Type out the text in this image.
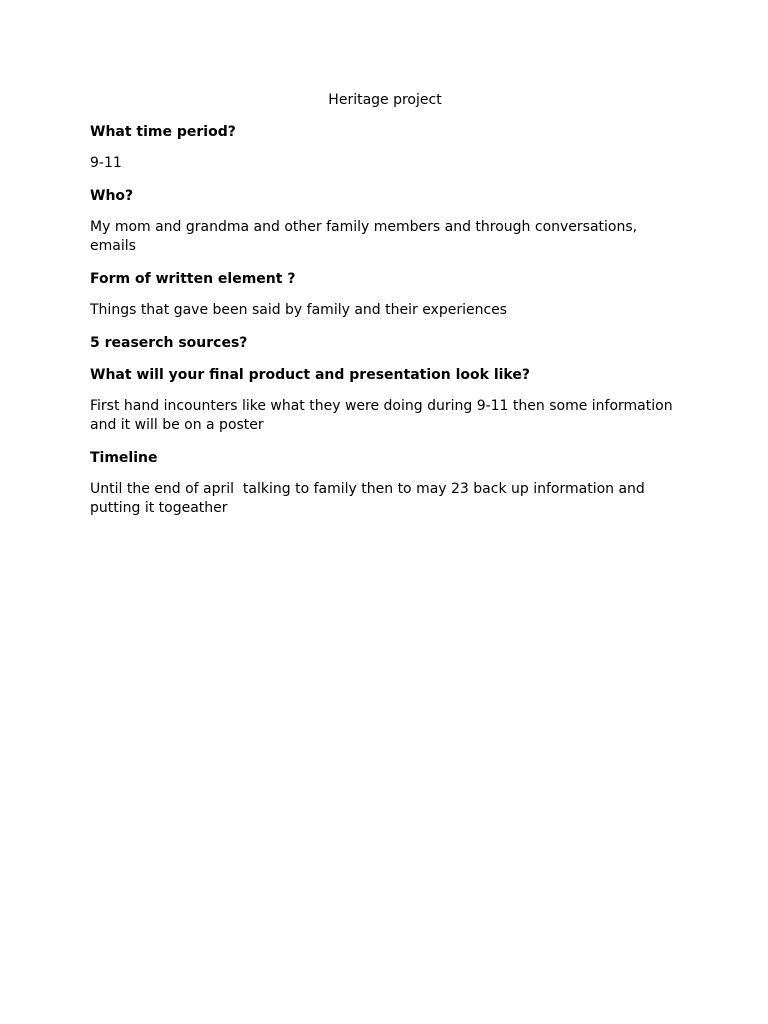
Heritage project
What time period?
9-11
Who?
My mom and grandma and other family members and through conversations, emails
Form of written element ?
Things that gave been said by family and their experiences
5 reaserch sources?
What will your final product and presentation look like?
First hand incounters like what they were doing during 9-11 then some information and it will be on a poster
Timeline
Until the end of april  talking to family then to may 23 back up information and putting it togeather
